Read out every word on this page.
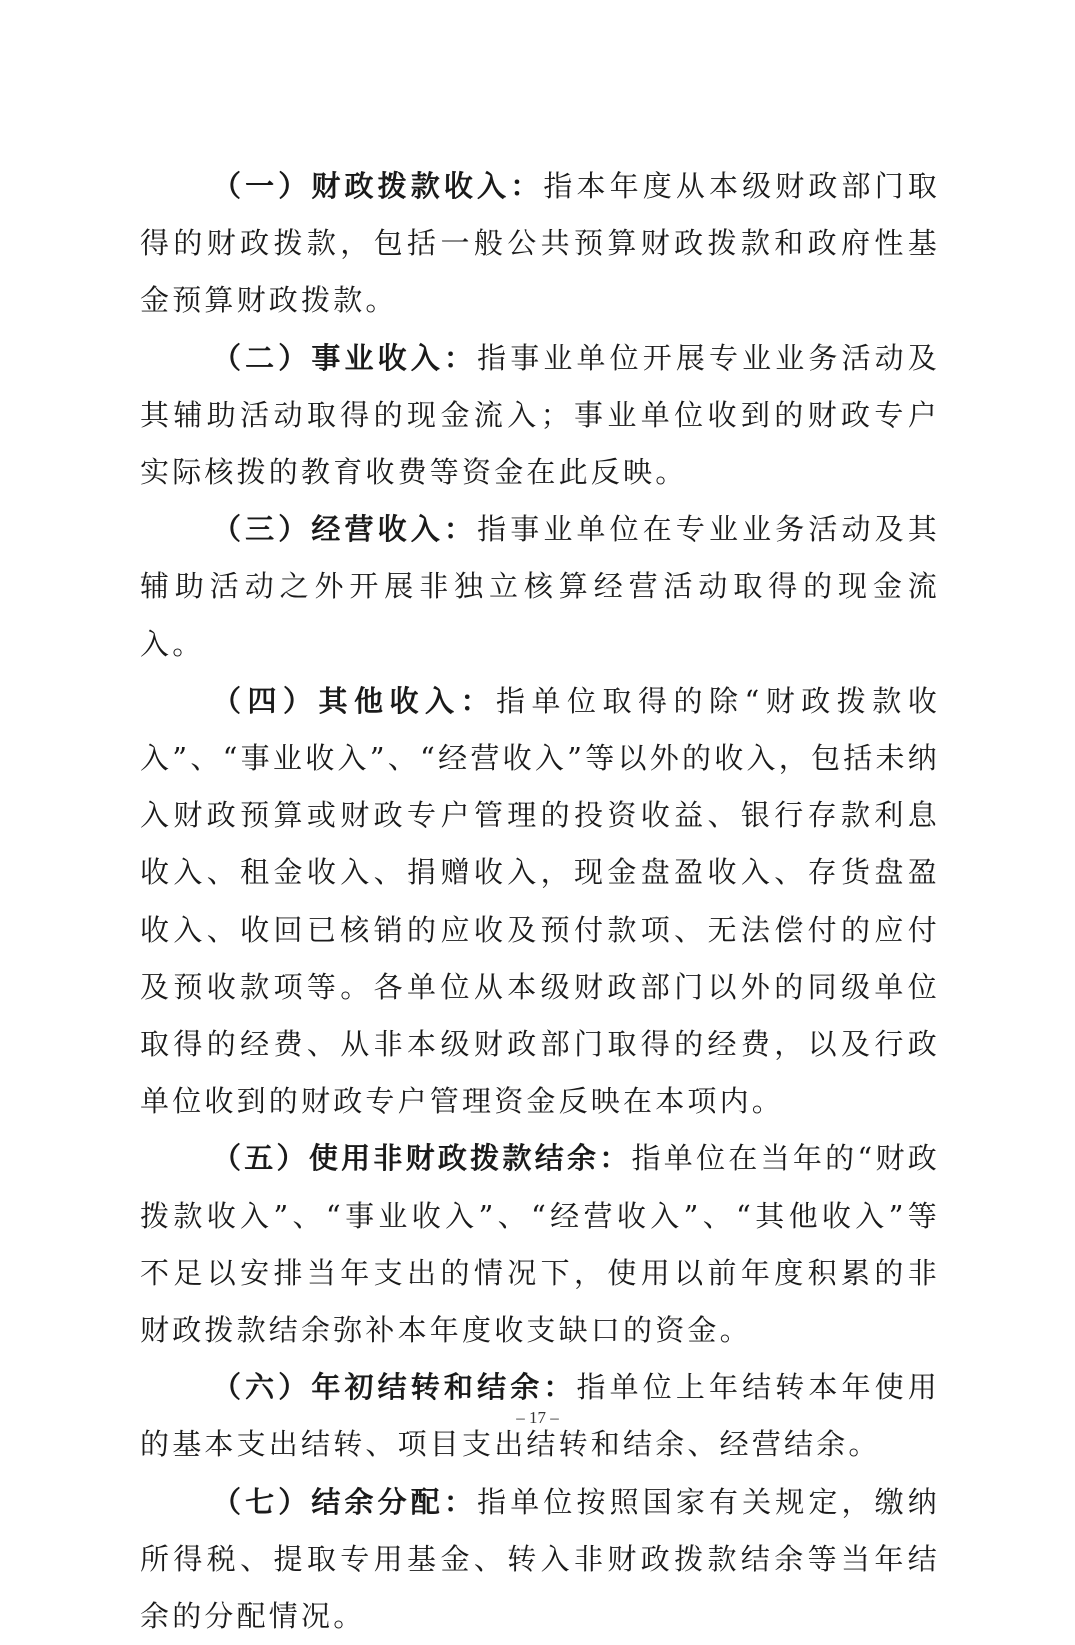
（一）财政拨款收入：指本年度从本级财政部门取得的财政拨款，包括一般公共预算财政拨款和政府性基金预算财政拨款。

（二）事业收入：指事业单位开展专业业务活动及其辅助活动取得的现金流入；事业单位收到的财政专户实际核拨的教育收费等资金在此反映。

（三）经营收入：指事业单位在专业业务活动及其辅助活动之外开展非独立核算经营活动取得的现金流入。

（四）其他收入：指单位取得的除“财政拨款收入”、“事业收入”、“经营收入”等以外的收入，包括未纳入财政预算或财政专户管理的投资收益、银行存款利息收入、租金收入、捐赠收入，现金盘盈收入、存货盘盈收入、收回已核销的应收及预付款项、无法偿付的应付及预收款项等。各单位从本级财政部门以外的同级单位取得的经费、从非本级财政部门取得的经费，以及行政单位收到的财政专户管理资金反映在本项内。

（五）使用非财政拨款结余：指单位在当年的“财政拨款收入”、“事业收入”、“经营收入”、“其他收入”等不足以安排当年支出的情况下，使用以前年度积累的非财政拨款结余弥补本年度收支缺口的资金。

（六）年初结转和结余：指单位上年结转本年使用的基本支出结转、项目支出结转和结余、经营结余。

（七）结余分配：指单位按照国家有关规定，缴纳所得税、提取专用基金、转入非财政拨款结余等当年结余的分配情况。

– 17 –
